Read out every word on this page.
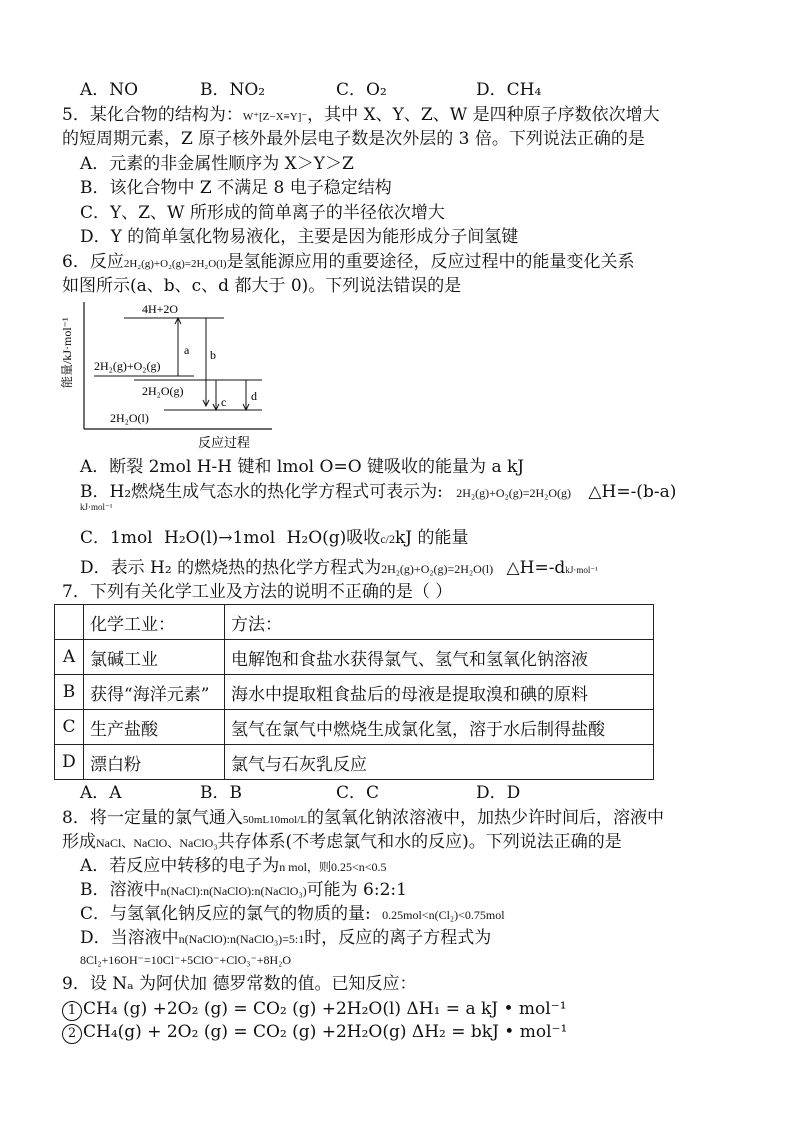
A．NO	B．NO₂	C．O₂	D．CH₄
5．某化合物的结构为：W⁺[Z−X≡Y]⁻，其中 X、Y、Z、W 是四种原子序数依次增大
的短周期元素，Z 原子核外最外层电子数是次外层的 3 倍。下列说法正确的是
A．元素的非金属性顺序为 X＞Y＞Z
B．该化合物中 Z 不满足 8 电子稳定结构
C．Y、Z、W 所形成的简单离子的半径依次增大
D．Y 的简单氢化物易液化，主要是因为能形成分子间氢键
6．反应2H₂(g)+O₂(g)=2H₂O(l)是氢能源应用的重要途径，反应过程中的能量变化关系
如图所示(a、b、c、d 都大于 0)。下列说法错误的是
能量/kJ·mol⁻¹
反应过程
4H+2O
2H₂(g)+O₂(g)
2H₂O(g)
2H₂O(l)
a b
c d
A．断裂 2mol H-H 键和 lmol O=O 键吸收的能量为 a kJ
B．H₂燃烧生成气态水的热化学方程式可表示为: 2H₂(g)+O₂(g)=2H₂O(g) △H=-(b-a)
kJ·mol⁻¹
C．1mol H₂O(l)→1mol H₂O(g)吸收c/2kJ 的能量
D．表示 H₂ 的燃烧热的热化学方程式为2H₂(g)+O₂(g)=2H₂O(l) △H=-dkJ·mol⁻¹
7．下列有关化学工业及方法的说明不正确的是（ ）
	化学工业：	方法：
A	氯碱工业	电解饱和食盐水获得氯气、氢气和氢氧化钠溶液
B	获得“海洋元素”	海水中提取粗食盐后的母液是提取溴和碘的原料
C	生产盐酸	氢气在氯气中燃烧生成氯化氢，溶于水后制得盐酸
D	漂白粉	氯气与石灰乳反应
A．A	B．B	C．C	D．D
8．将一定量的氯气通入50mL10mol/L的氢氧化钠浓溶液中，加热少许时间后，溶液中
形成NaCl、NaClO、NaClO₃共存体系(不考虑氯气和水的反应)。下列说法正确的是
A．若反应中转移的电子为n mol，则0.25<n<0.5
B．溶液中n(NaCl):n(NaClO):n(NaClO₃)可能为 6:2:1
C．与氢氧化钠反应的氯气的物质的量: 0.25mol<n(Cl₂)<0.75mol
D．当溶液中n(NaClO):n(NaClO₃)=5:1时，反应的离子方程式为
8Cl₂+16OH⁻=10Cl⁻+5ClO⁻+ClO₃⁻+8H₂O
9．设 Nₐ 为阿伏加 德罗常数的值。已知反应：
1 CH₄ (g) +2O₂ (g) = CO₂ (g) +2H₂O(l) ΔH₁ = a kJ • mol⁻¹
2 CH₄(g) + 2O₂ (g) = CO₂ (g) +2H₂O(g) ΔH₂ = bkJ • mol⁻¹
